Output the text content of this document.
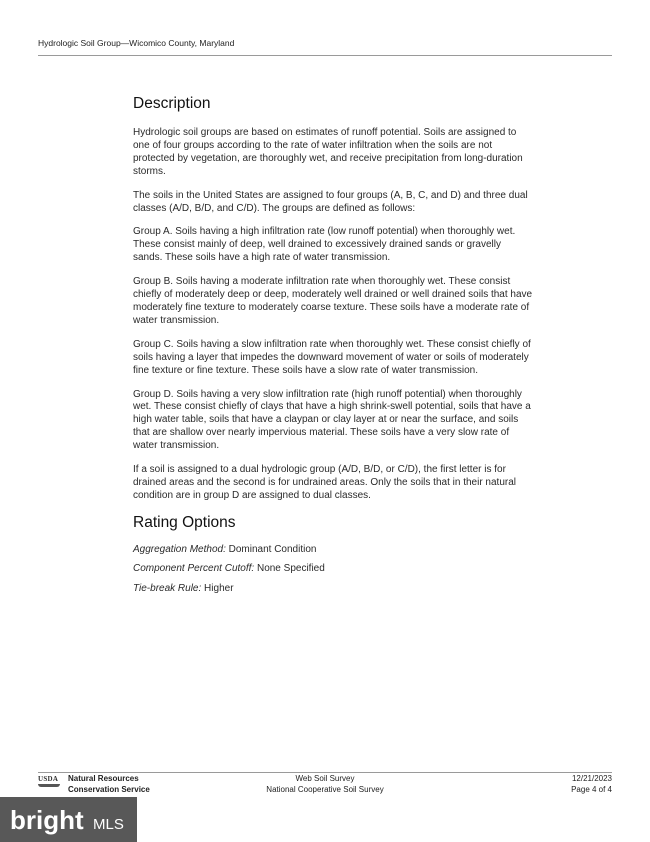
Hydrologic Soil Group—Wicomico County, Maryland
Description

Hydrologic soil groups are based on estimates of runoff potential. Soils are assigned to one of four groups according to the rate of water infiltration when the soils are not protected by vegetation, are thoroughly wet, and receive precipitation from long-duration storms.

The soils in the United States are assigned to four groups (A, B, C, and D) and three dual classes (A/D, B/D, and C/D). The groups are defined as follows:

Group A. Soils having a high infiltration rate (low runoff potential) when thoroughly wet. These consist mainly of deep, well drained to excessively drained sands or gravelly sands. These soils have a high rate of water transmission.

Group B. Soils having a moderate infiltration rate when thoroughly wet. These consist chiefly of moderately deep or deep, moderately well drained or well drained soils that have moderately fine texture to moderately coarse texture. These soils have a moderate rate of water transmission.

Group C. Soils having a slow infiltration rate when thoroughly wet. These consist chiefly of soils having a layer that impedes the downward movement of water or soils of moderately fine texture or fine texture. These soils have a slow rate of water transmission.

Group D. Soils having a very slow infiltration rate (high runoff potential) when thoroughly wet. These consist chiefly of clays that have a high shrink-swell potential, soils that have a high water table, soils that have a claypan or clay layer at or near the surface, and soils that are shallow over nearly impervious material. These soils have a very slow rate of water transmission.

If a soil is assigned to a dual hydrologic group (A/D, B/D, or C/D), the first letter is for drained areas and the second is for undrained areas. Only the soils that in their natural condition are in group D are assigned to dual classes.

Rating Options
Aggregation Method: Dominant Condition
Component Percent Cutoff: None Specified
Tie-break Rule: Higher
USDA Natural Resources
Conservation Service
Web Soil Survey
National Cooperative Soil Survey
12/21/2023
Page 4 of 4
bright MLS
